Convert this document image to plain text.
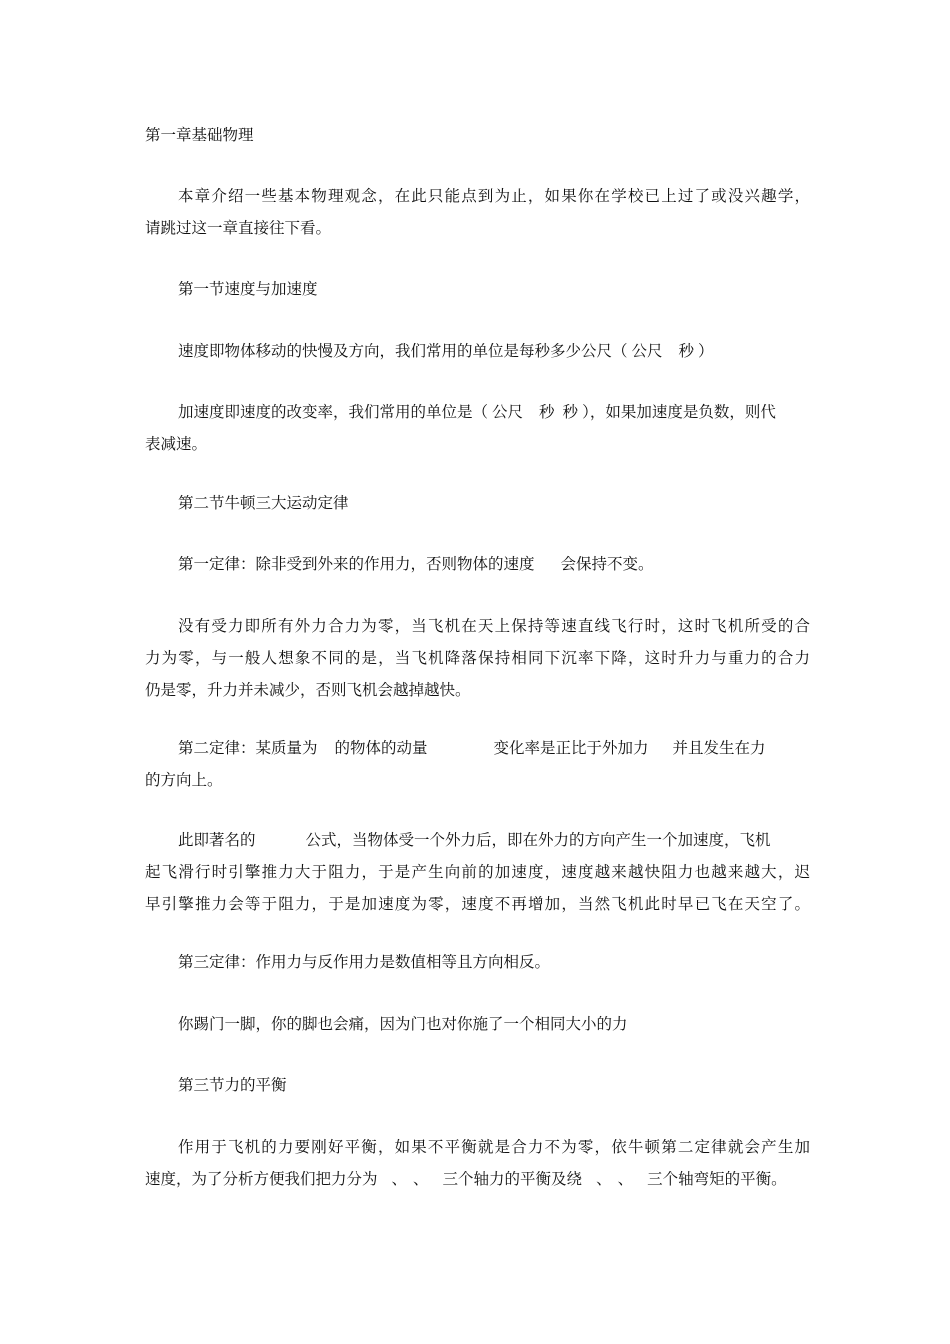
第一章基础物理
本章介绍一些基本物理观念，在此只能点到为止，如果你在学校已上过了或没兴趣学，
请跳过这一章直接往下看。
第一节速度与加速度
速度即物体移动的快慢及方向，我们常用的单位是每秒多少公尺（ 公尺 秒 ）
加速度即速度的改变率，我们常用的单位是（ 公尺 秒 秒 ），如果加速度是负数，则代
表减速。
第二节牛顿三大运动定律
第一定律：除非受到外来的作用力，否则物体的速度 会保持不变。
没有受力即所有外力合力为零，当飞机在天上保持等速直线飞行时，这时飞机所受的合
力为零，与一般人想象不同的是，当飞机降落保持相同下沉率下降，这时升力与重力的合力
仍是零，升力并未减少，否则飞机会越掉越快。
第二定律：某质量为 的物体的动量	变化率是正比于外加力 并且发生在力
的方向上。
此即著名的	公式，当物体受一个外力后，即在外力的方向产生一个加速度，飞机
起飞滑行时引擎推力大于阻力，于是产生向前的加速度，速度越来越快阻力也越来越大，迟
早引擎推力会等于阻力，于是加速度为零，速度不再增加，当然飞机此时早已飞在天空了。
第三定律：作用力与反作用力是数值相等且方向相反。
你踢门一脚，你的脚也会痛，因为门也对你施了一个相同大小的力
第三节力的平衡
作用于飞机的力要刚好平衡，如果不平衡就是合力不为零，依牛顿第二定律就会产生加
速度，为了分析方便我们把力分为 、 、 三个轴力的平衡及绕 、 、 三个轴弯矩的平衡。
